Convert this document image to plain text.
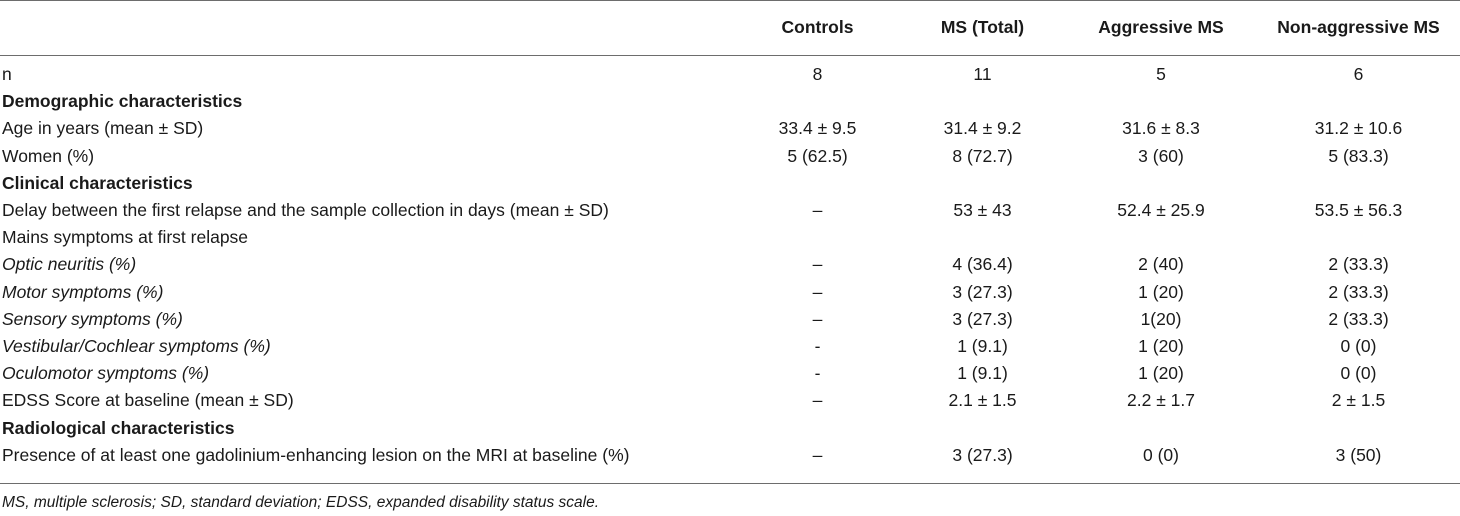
	Controls	MS (Total)	Aggressive MS	Non-aggressive MS

n	8	11	5	6
Demographic characteristics				
Age in years (mean ± SD)	33.4 ± 9.5	31.4 ± 9.2	31.6 ± 8.3	31.2 ± 10.6
Women (%)	5 (62.5)	8 (72.7)	3 (60)	5 (83.3)
Clinical characteristics				
Delay between the first relapse and the sample collection in days (mean ± SD)	–	53 ± 43	52.4 ± 25.9	53.5 ± 56.3
Mains symptoms at first relapse				
Optic neuritis (%)	–	4 (36.4)	2 (40)	2 (33.3)
Motor symptoms (%)	–	3 (27.3)	1 (20)	2 (33.3)
Sensory symptoms (%)	–	3 (27.3)	1(20)	2 (33.3)
Vestibular/Cochlear symptoms (%)	-	1 (9.1)	1 (20)	0 (0)
Oculomotor symptoms (%)	-	1 (9.1)	1 (20)	0 (0)
EDSS Score at baseline (mean ± SD)	–	2.1 ± 1.5	2.2 ± 1.7	2 ± 1.5
Radiological characteristics				
Presence of at least one gadolinium-enhancing lesion on the MRI at baseline (%)	–	3 (27.3)	0 (0)	3 (50)
MS, multiple sclerosis; SD, standard deviation; EDSS, expanded disability status scale.
